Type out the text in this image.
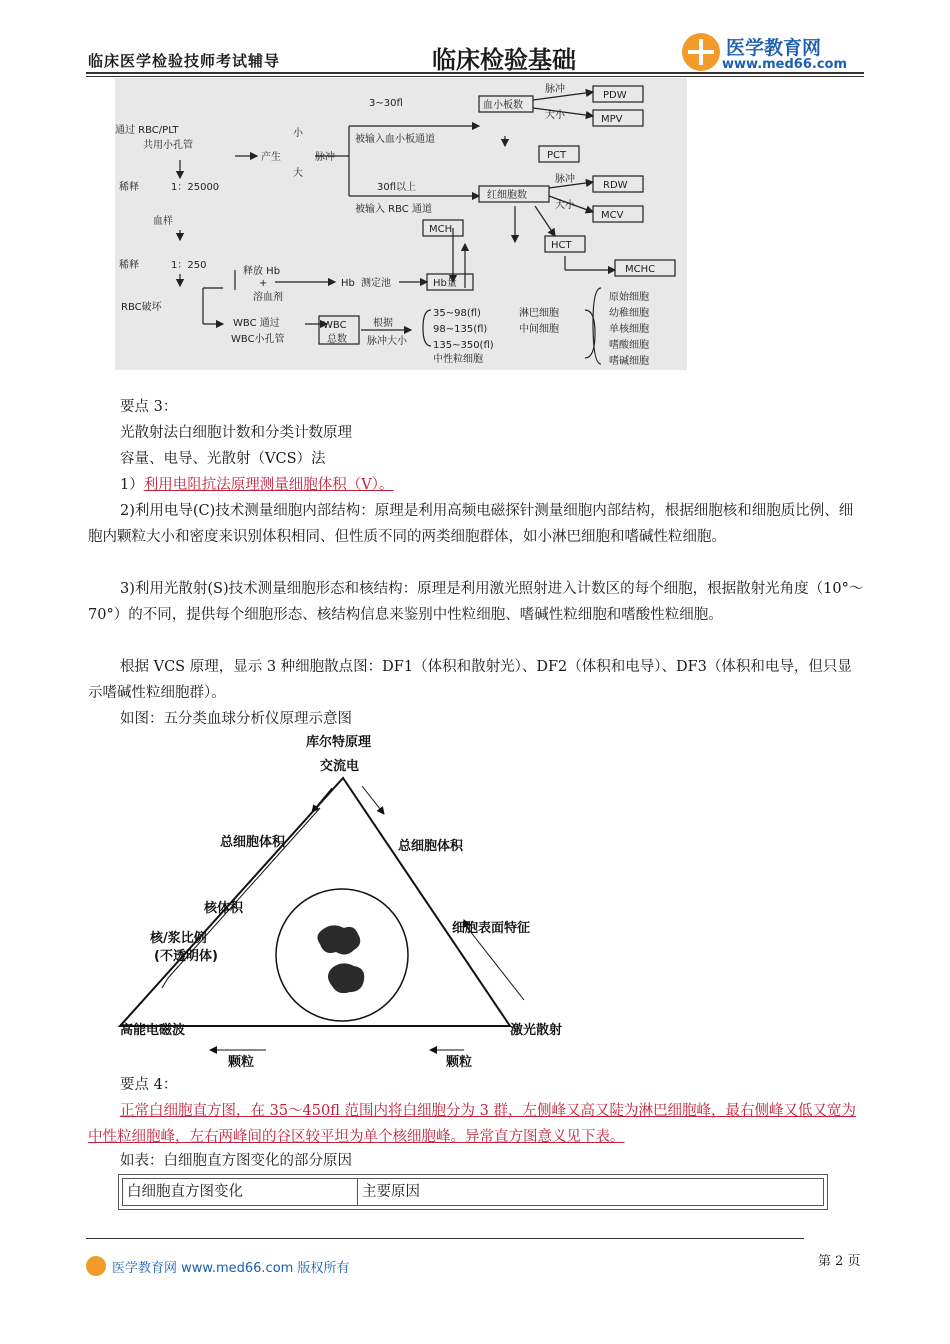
临床医学检验技师考试辅导	临床检验基础	医学教育网
www.med66.com
通过 RBC/PLT
共用小孔管
产生
小
大
脉冲
3~30fl
被输入血小板通道
血小板数
脉冲
大小
PDW
MPV
PCT
30fl以上
被输入 RBC 通道
红细胞数
脉冲
大小
RDW
MCV
MCH
HCT
MCHC
稀释	1：25000
血样
稀释	1：250
释放 Hb
+
溶血剂
Hb 测定池	Hb量
RBC破坏
WBC 通过
WBC小孔管
WBC
总数
根据
脉冲大小
35~98(fl)	淋巴细胞
98~135(fl)	中间细胞
135~350(fl)
中性粒细胞
原始细胞
幼稚细胞
单核细胞
嗜酸细胞
嗜碱细胞
要点 3：
光散射法白细胞计数和分类计数原理
容量、电导、光散射（VCS）法
1）利用电阻抗法原理测量细胞体积（V）。
2)利用电导(C)技术测量细胞内部结构：原理是利用高频电磁探针测量细胞内部结构，根据细胞核和细胞质比例、细胞内颗粒大小和密度来识别体积相同、但性质不同的两类细胞群体，如小淋巴细胞和嗜碱性粒细胞。
3)利用光散射(S)技术测量细胞形态和核结构：原理是利用激光照射进入计数区的每个细胞，根据散射光角度（10°～70°）的不同，提供每个细胞形态、核结构信息来鉴别中性粒细胞、嗜碱性粒细胞和嗜酸性粒细胞。
根据 VCS 原理，显示 3 种细胞散点图：DF1（体积和散射光）、DF2（体积和电导）、DF3（体积和电导，但只显示嗜碱性粒细胞群）。
如图：五分类血球分析仪原理示意图
库尔特原理
交流电
总细胞体积	总细胞体积
核体积
核/浆比例
(不透明体)
细胞表面特征
高能电磁波	激光散射
颗粒	颗粒
要点 4：
正常白细胞直方图，在 35～450fl 范围内将白细胞分为 3 群，左侧峰又高又陡为淋巴细胞峰，最右侧峰又低又宽为中性粒细胞峰，左右两峰间的谷区较平坦为单个核细胞峰。异常直方图意义见下表。
如表：白细胞直方图变化的部分原因
白细胞直方图变化	主要原因
医学教育网 www.med66.com 版权所有	第 2 页
